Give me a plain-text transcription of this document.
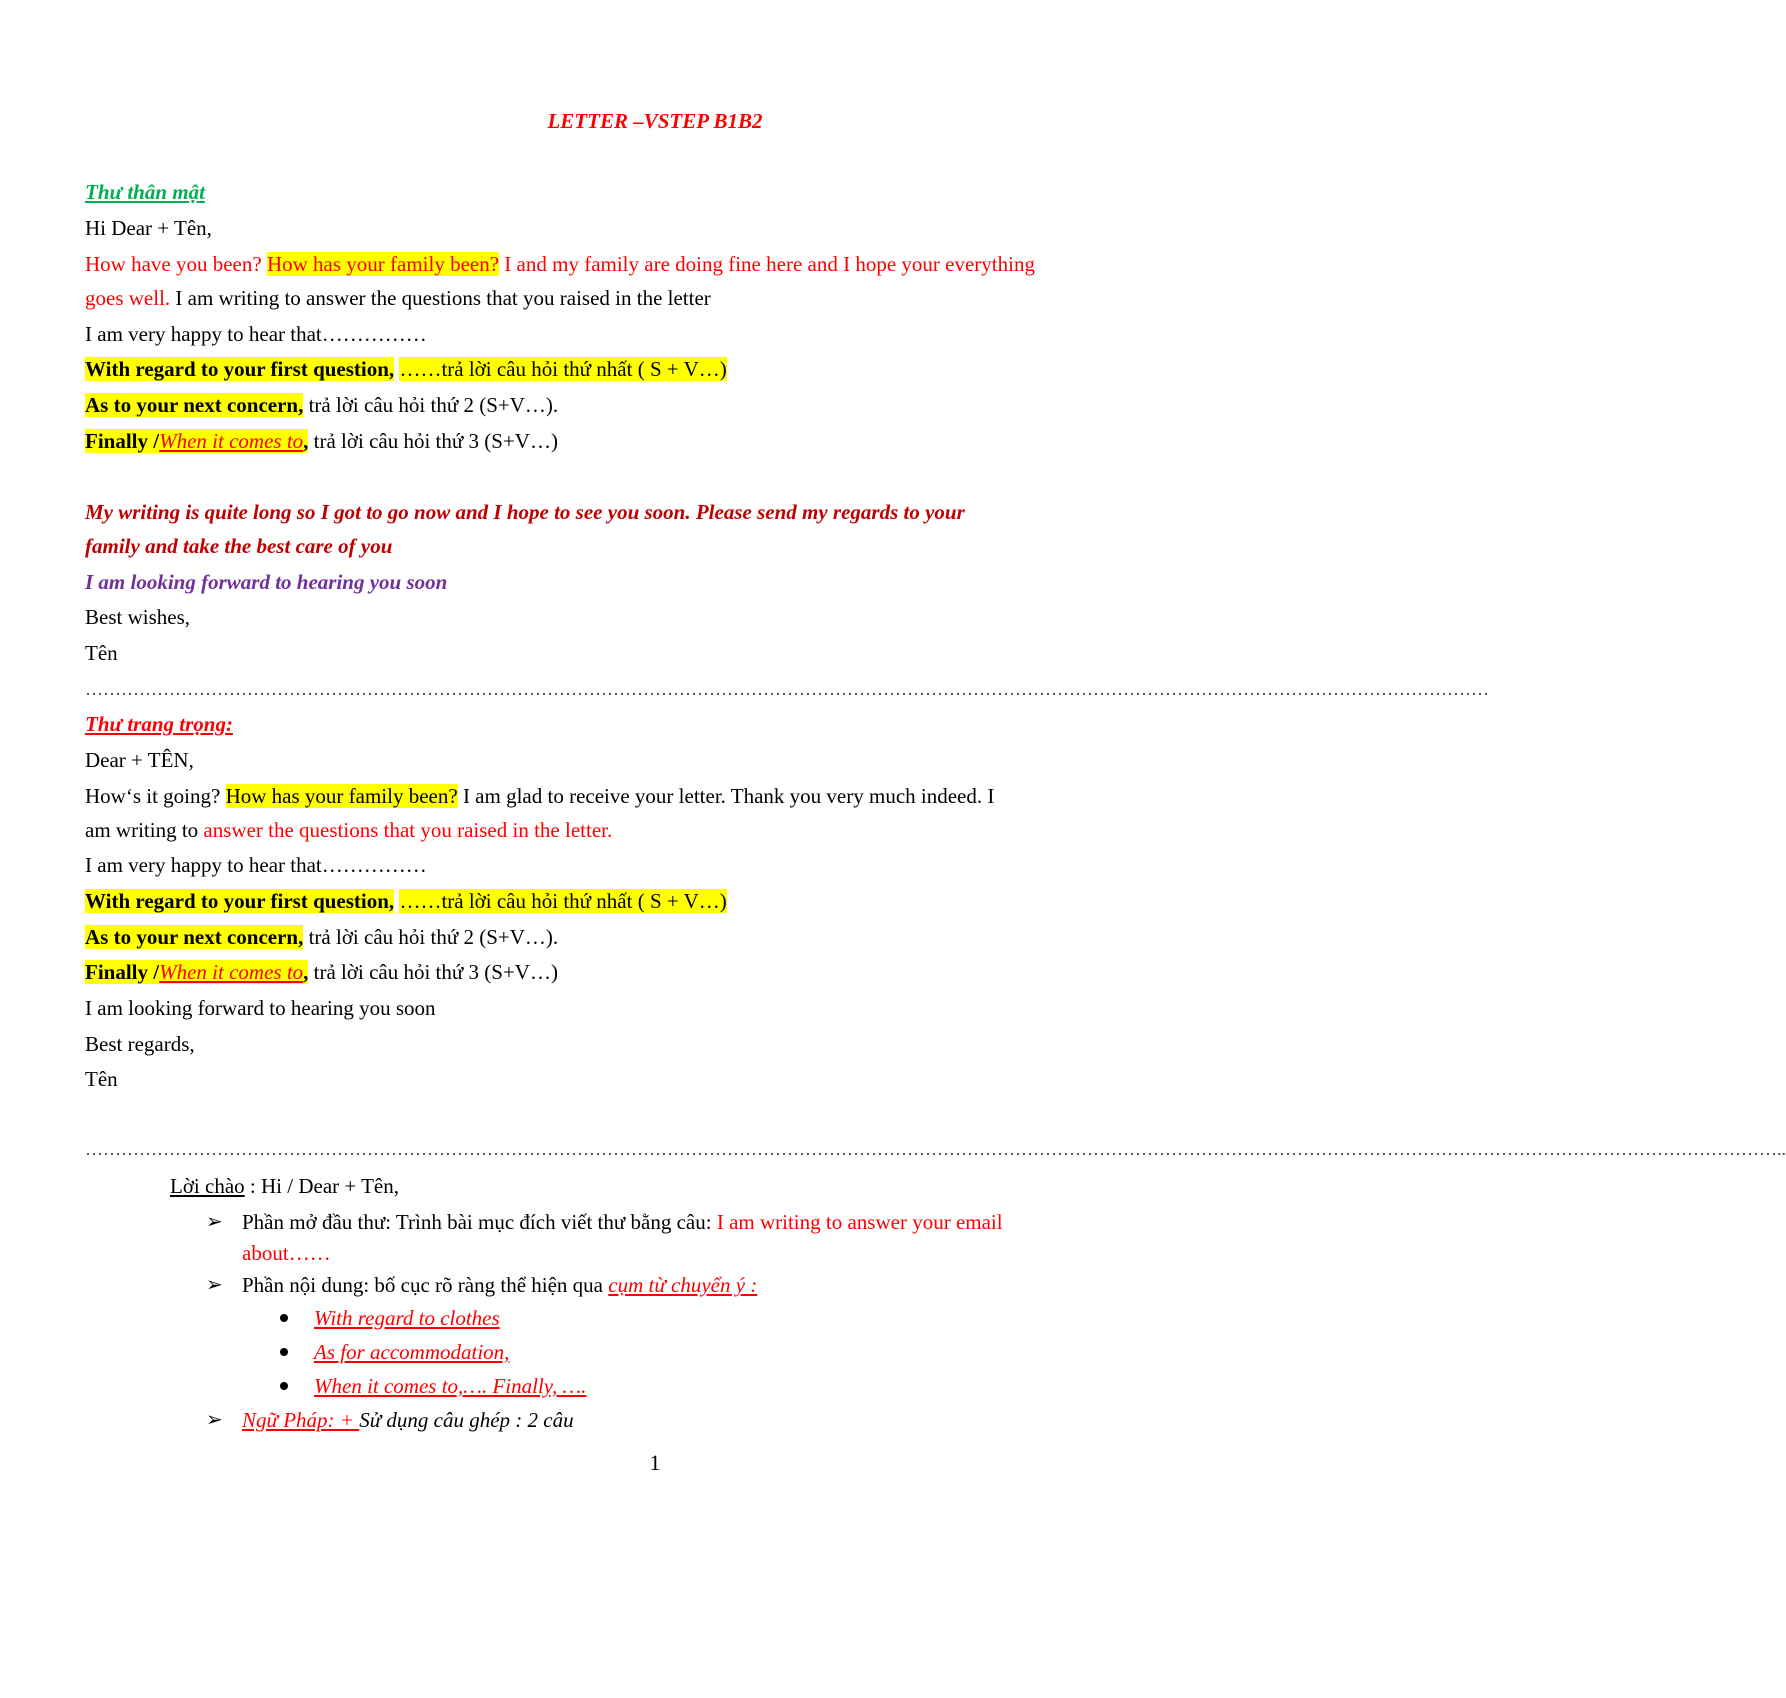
LETTER –VSTEP B1B2
Thư thân mật
Hi Dear + Tên,
How have you been? How has your family been? I and my family are doing fine here and I hope your everything
goes well. I am writing to answer the questions that you raised in the letter
I am very happy to hear that……………
With regard to your first question, ……trả lời câu hỏi thứ nhất ( S + V…)
As to your next concern, trả lời câu hỏi thứ 2 (S+V…).
Finally /When it comes to, trả lời câu hỏi thứ 3 (S+V…)
My writing is quite long so I got to go now and I hope to see you soon. Please send my regards to your
family and take the best care of you
I am looking forward to hearing you soon
Best wishes,
Tên
………………………………………………………………………………………………………………………………………………………………………………………………………………
Thư trang trọng:
Dear + TÊN,
How‘s it going? How has your family been? I am glad to receive your letter. Thank you very much indeed. I
am writing to answer the questions that you raised in the letter.
I am very happy to hear that……………
With regard to your first question, ……trả lời câu hỏi thứ nhất ( S + V…)
As to your next concern, trả lời câu hỏi thứ 2 (S+V…).
Finally /When it comes to, trả lời câu hỏi thứ 3 (S+V…)
I am looking forward to hearing you soon
Best regards,
Tên
…………………………………………………………………………………………………………………………………………………………………………………………………………………………………………………………..
Lời chào : Hi / Dear + Tên,
➢ Phần mở đầu thư: Trình bài mục đích viết thư bằng câu: I am writing to answer your email
about……
➢ Phần nội dung: bố cục rõ ràng thể hiện qua cụm từ chuyển ý :
With regard to clothes
As for accommodation,
When it comes to,…. Finally, ….
➢ Ngữ Pháp: + Sử dụng câu ghép : 2 câu
1
